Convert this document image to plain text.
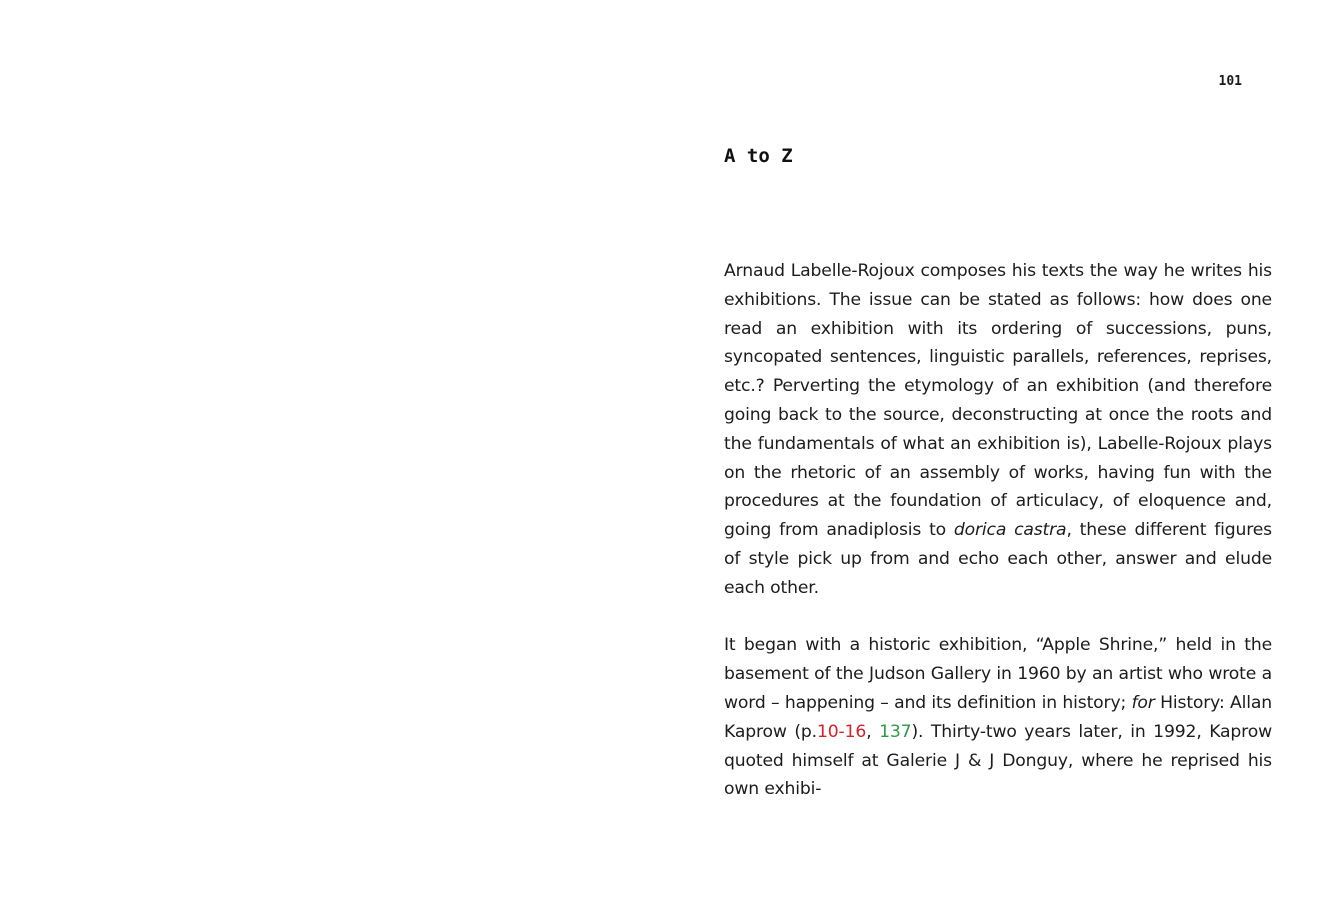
101
A to Z

Arnaud Labelle-Rojoux composes his texts the way he writes his exhibitions. The issue can be stated as follows: how does one read an exhibition with its ordering of successions, puns, syncopated sentences, linguistic parallels, references, reprises, etc.? Perverting the etymology of an exhibition (and therefore going back to the source, deconstructing at once the roots and the fundamentals of what an exhibition is), Labelle-Rojoux plays on the rhetoric of an assembly of works, having fun with the procedures at the foundation of articulacy, of eloquence and, going from anadiplosis to dorica castra, these different figures of style pick up from and echo each other, answer and elude each other.

It began with a historic exhibition, “Apple Shrine,” held in the basement of the Judson Gallery in 1960 by an artist who wrote a word – happening – and its definition in history; for History: Allan Kaprow (p.10-16, 137). Thirty-two years later, in 1992, Kaprow quoted himself at Galerie J & J Donguy, where he reprised his own exhibi-
